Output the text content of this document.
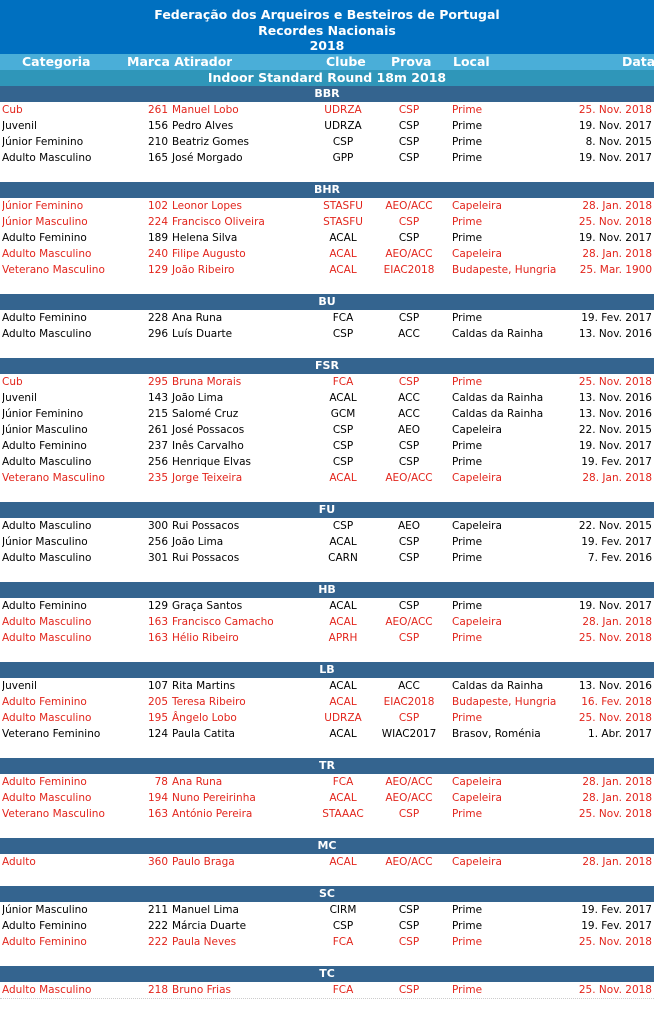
Federação dos Arqueiros e Besteiros de Portugal
Recordes Nacionais
2018
Categoria	Marca Atirador	Clube Prova Local	Data
Indoor Standard Round 18m 2018
BBR
Cub	261 Manuel Lobo	UDRZA	CSP	Prime	25. Nov. 2018
Juvenil	156 Pedro Alves	UDRZA	CSP	Prime	19. Nov. 2017
Júnior Feminino	210 Beatriz Gomes	CSP	CSP	Prime	8. Nov. 2015
Adulto Masculino	165 José Morgado	GPP	CSP	Prime	19. Nov. 2017
BHR
Júnior Feminino	102 Leonor Lopes	STASFU	AEO/ACC	Capeleira	28. Jan. 2018
Júnior Masculino	224 Francisco Oliveira	STASFU	CSP	Prime	25. Nov. 2018
Adulto Feminino	189 Helena Silva	ACAL	CSP	Prime	19. Nov. 2017
Adulto Masculino	240 Filipe Augusto	ACAL	AEO/ACC	Capeleira	28. Jan. 2018
Veterano Masculino	129 João Ribeiro	ACAL	EIAC2018	Budapeste, Hungria	25. Mar. 1900
BU
Adulto Feminino	228 Ana Runa	FCA	CSP	Prime	19. Fev. 2017
Adulto Masculino	296 Luís Duarte	CSP	ACC	Caldas da Rainha	13. Nov. 2016
FSR
Cub	295 Bruna Morais	FCA	CSP	Prime	25. Nov. 2018
Juvenil	143 João Lima	ACAL	ACC	Caldas da Rainha	13. Nov. 2016
Júnior Feminino	215 Salomé Cruz	GCM	ACC	Caldas da Rainha	13. Nov. 2016
Júnior Masculino	261 José Possacos	CSP	AEO	Capeleira	22. Nov. 2015
Adulto Feminino	237 Inês Carvalho	CSP	CSP	Prime	19. Nov. 2017
Adulto Masculino	256 Henrique Elvas	CSP	CSP	Prime	19. Fev. 2017
Veterano Masculino	235 Jorge Teixeira	ACAL	AEO/ACC	Capeleira	28. Jan. 2018
FU
Adulto Masculino	300 Rui Possacos	CSP	AEO	Capeleira	22. Nov. 2015
Júnior Masculino	256 João Lima	ACAL	CSP	Prime	19. Fev. 2017
Adulto Masculino	301 Rui Possacos	CARN	CSP	Prime	7. Fev. 2016
HB
Adulto Feminino	129 Graça Santos	ACAL	CSP	Prime	19. Nov. 2017
Adulto Masculino	163 Francisco Camacho	ACAL	AEO/ACC	Capeleira	28. Jan. 2018
Adulto Masculino	163 Hélio Ribeiro	APRH	CSP	Prime	25. Nov. 2018
LB
Juvenil	107 Rita Martins	ACAL	ACC	Caldas da Rainha	13. Nov. 2016
Adulto Feminino	205 Teresa Ribeiro	ACAL	EIAC2018	Budapeste, Hungria	16. Fev. 2018
Adulto Masculino	195 Ângelo Lobo	UDRZA	CSP	Prime	25. Nov. 2018
Veterano Feminino	124 Paula Catita	ACAL	WIAC2017	Brasov, Roménia	1. Abr. 2017
TR
Adulto Feminino	78 Ana Runa	FCA	AEO/ACC	Capeleira	28. Jan. 2018
Adulto Masculino	194 Nuno Pereirinha	ACAL	AEO/ACC	Capeleira	28. Jan. 2018
Veterano Masculino	163 António Pereira	STAAAC	CSP	Prime	25. Nov. 2018
MC
Adulto	360 Paulo Braga	ACAL	AEO/ACC	Capeleira	28. Jan. 2018
SC
Júnior Masculino	211 Manuel Lima	CIRM	CSP	Prime	19. Fev. 2017
Adulto Feminino	222 Márcia Duarte	CSP	CSP	Prime	19. Fev. 2017
Adulto Feminino	222 Paula Neves	FCA	CSP	Prime	25. Nov. 2018
TC
Adulto Masculino	218 Bruno Frias	FCA	CSP	Prime	25. Nov. 2018
